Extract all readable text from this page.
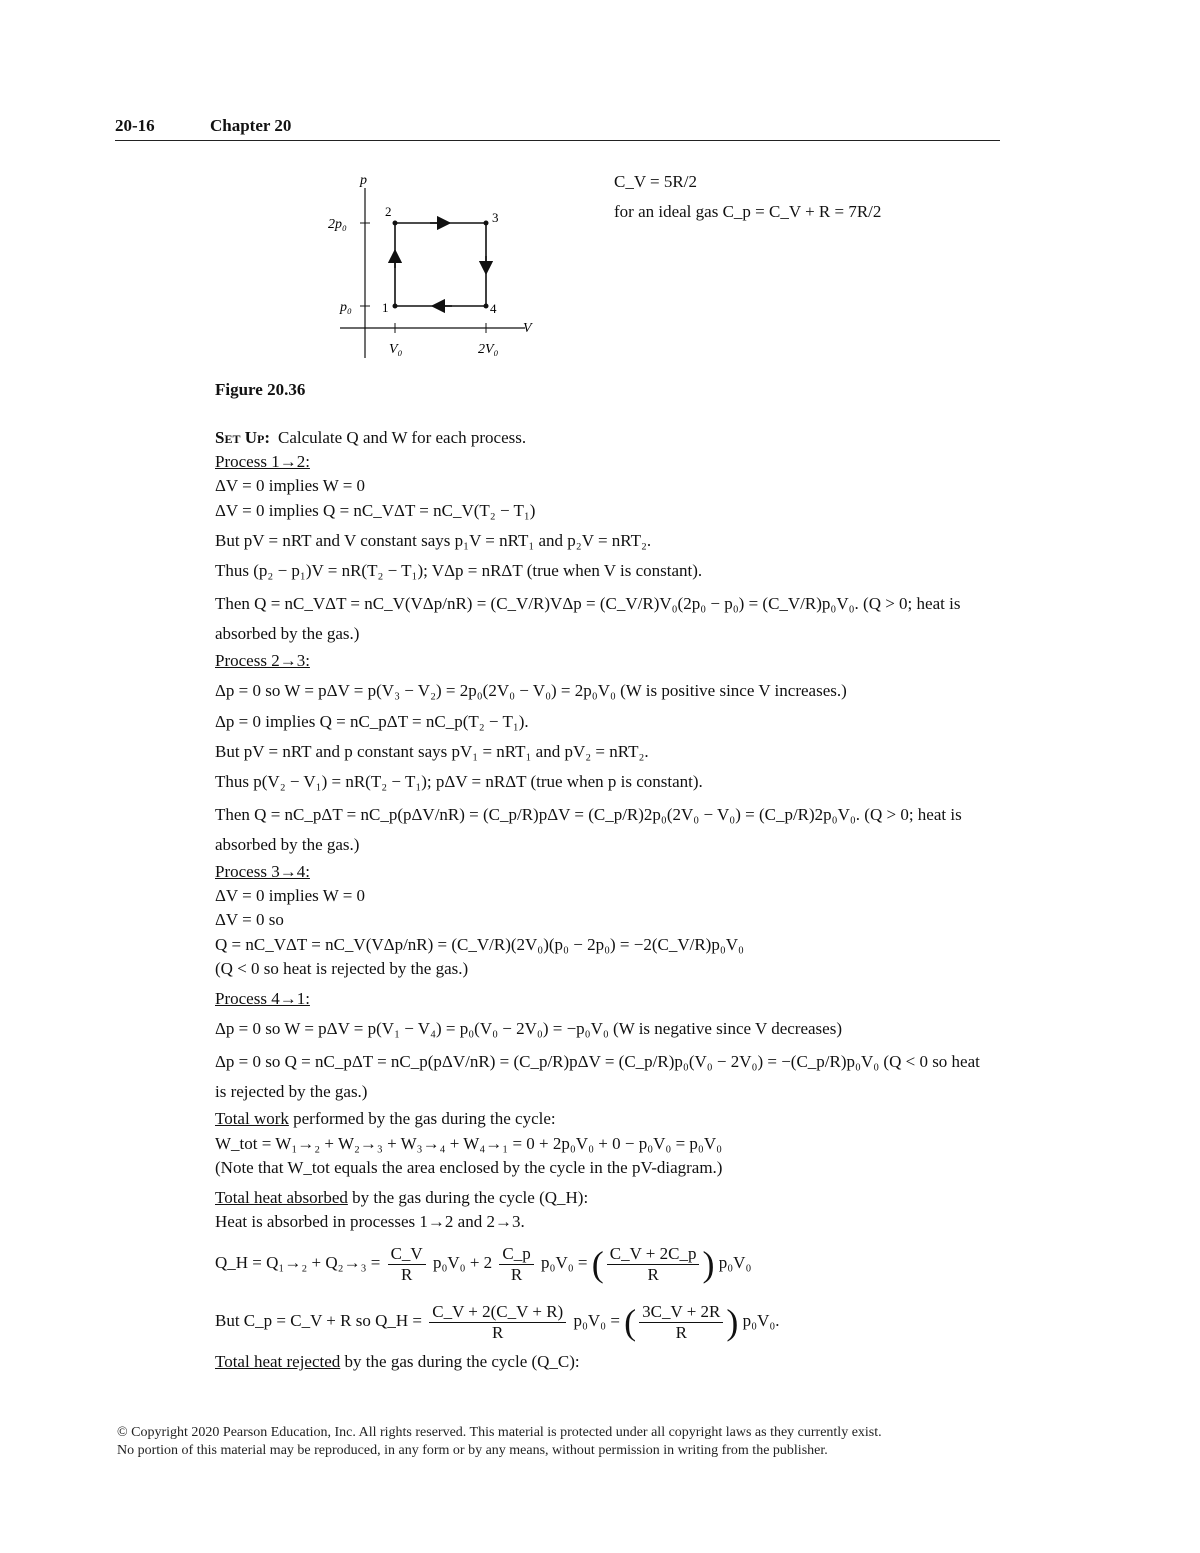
20-16	Chapter 20
p
V
2p₀
p₀
V₀	2V₀
1
2	3
4
C_V = 5R/2
for an ideal gas C_p = C_V + R = 7R/2
Figure 20.36
Set Up: Calculate Q and W for each process.
Process 1→2:
ΔV = 0 implies W = 0
ΔV = 0 implies Q = nC_VΔT = nC_V(T₂ − T₁)
But pV = nRT and V constant says p₁V = nRT₁ and p₂V = nRT₂.
Thus (p₂ − p₁)V = nR(T₂ − T₁); VΔp = nRΔT (true when V is constant).
Then Q = nC_VΔT = nC_V(VΔp/nR) = (C_V/R)VΔp = (C_V/R)V₀(2p₀ − p₀) = (C_V/R)p₀V₀. (Q > 0; heat is absorbed by the gas.)
Process 2→3:
Δp = 0 so W = pΔV = p(V₃ − V₂) = 2p₀(2V₀ − V₀) = 2p₀V₀ (W is positive since V increases.)
Δp = 0 implies Q = nC_pΔT = nC_p(T₂ − T₁).
But pV = nRT and p constant says pV₁ = nRT₁ and pV₂ = nRT₂.
Thus p(V₂ − V₁) = nR(T₂ − T₁); pΔV = nRΔT (true when p is constant).
Then Q = nC_pΔT = nC_p(pΔV/nR) = (C_p/R)pΔV = (C_p/R)2p₀(2V₀ − V₀) = (C_p/R)2p₀V₀. (Q > 0; heat is absorbed by the gas.)
Process 3→4:
ΔV = 0 implies W = 0
ΔV = 0 so
Q = nC_VΔT = nC_V(VΔp/nR) = (C_V/R)(2V₀)(p₀ − 2p₀) = −2(C_V/R)p₀V₀
(Q < 0 so heat is rejected by the gas.)
Process 4→1:
Δp = 0 so W = pΔV = p(V₁ − V₄) = p₀(V₀ − 2V₀) = −p₀V₀ (W is negative since V decreases)
Δp = 0 so Q = nC_pΔT = nC_p(pΔV/nR) = (C_p/R)pΔV = (C_p/R)p₀(V₀ − 2V₀) = −(C_p/R)p₀V₀ (Q < 0 so heat is rejected by the gas.)
Total work performed by the gas during the cycle:
W_tot = W₁→₂ + W₂→₃ + W₃→₄ + W₄→₁ = 0 + 2p₀V₀ + 0 − p₀V₀ = p₀V₀
(Note that W_tot equals the area enclosed by the cycle in the pV-diagram.)
Total heat absorbed by the gas during the cycle (Q_H):
Heat is absorbed in processes 1→2 and 2→3.
Q_H = $Q_1\to_2 + Q_2\to_3 = \frac{C\_V}{R} p_0V_0 + 2 \frac{C\_p}{R} p_0V_0$ = ( $\frac{C\_V + 2C\_p}{R}$ ) p₀V₀
But C_p = C_V + R so Q_H = $\frac{C\_V + 2(C\_V + R)}{R} p_0V_0$ = ( $\frac{3C\_V + 2R}{R}$ ) p₀V₀.
Total heat rejected by the gas during the cycle (Q_C):
© Copyright 2020 Pearson Education, Inc. All rights reserved. This material is protected under all copyright laws as they currently exist.
No portion of this material may be reproduced, in any form or by any means, without permission in writing from the publisher.
